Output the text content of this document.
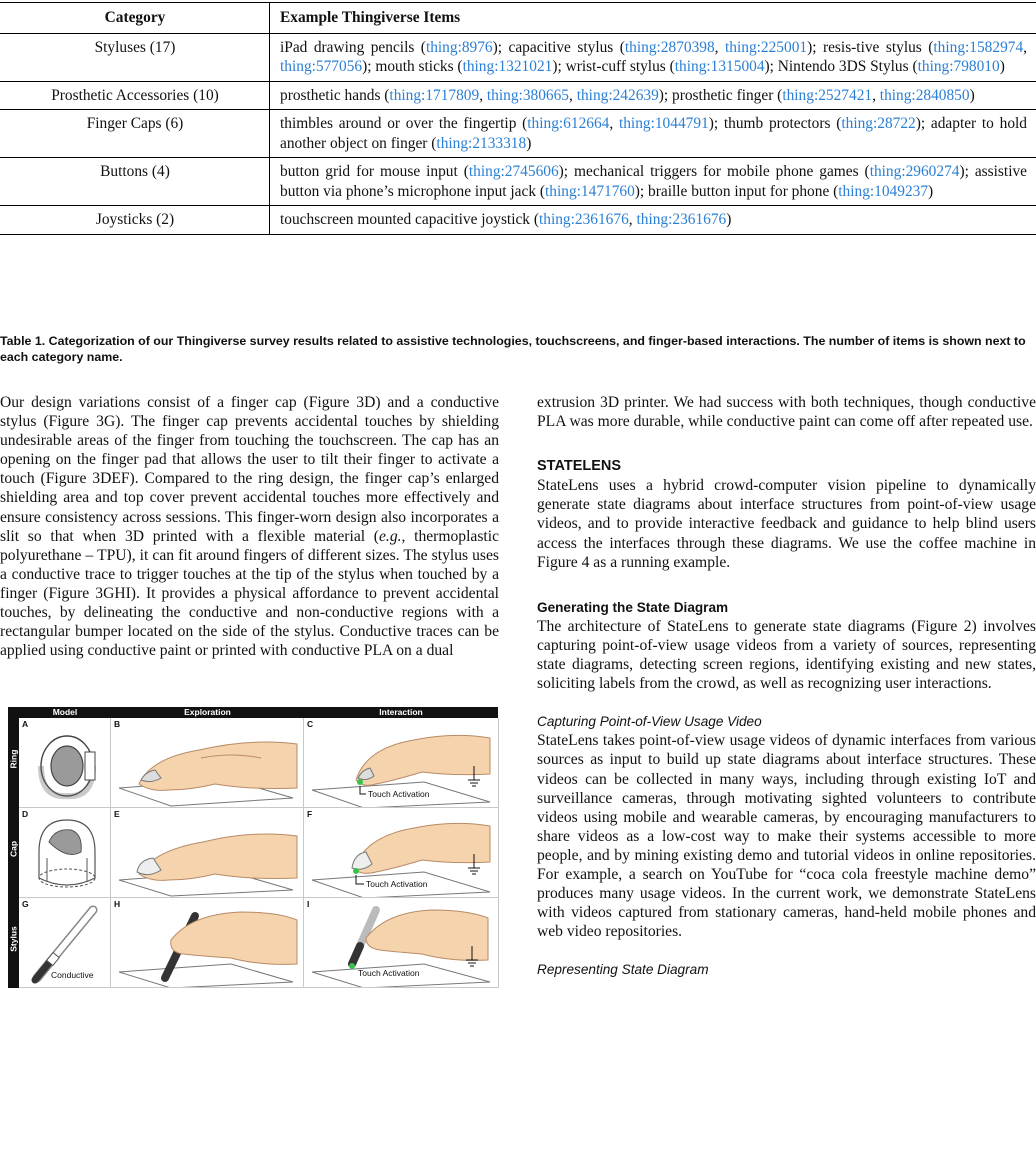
Category	Example Thingiverse Items
Styluses (17)	iPad drawing pencils (thing:8976); capacitive stylus (thing:2870398, thing:225001); resis-tive stylus (thing:1582974, thing:577056); mouth sticks (thing:1321021); wrist-cuff stylus (thing:1315004); Nintendo 3DS Stylus (thing:798010)
Prosthetic Accessories (10)	prosthetic hands (thing:1717809, thing:380665, thing:242639); prosthetic finger (thing:2527421, thing:2840850)
Finger Caps (6)	thimbles around or over the fingertip (thing:612664, thing:1044791); thumb protectors (thing:28722); adapter to hold another object on finger (thing:2133318)
Buttons (4)	button grid for mouse input (thing:2745606); mechanical triggers for mobile phone games (thing:2960274); assistive button via phone’s microphone input jack (thing:1471760); braille button input for phone (thing:1049237)
Joysticks (2)	touchscreen mounted capacitive joystick (thing:2361676, thing:2361676)
Table 1. Categorization of our Thingiverse survey results related to assistive technologies, touchscreens, and finger-based interactions. The number of items is shown next to each category name.

Our design variations consist of a finger cap (Figure 3D) and a conductive stylus (Figure 3G). The finger cap prevents accidental touches by shielding undesirable areas of the finger from touching the touchscreen. The cap has an opening on the finger pad that allows the user to tilt their finger to activate a touch (Figure 3DEF). Compared to the ring design, the finger cap’s enlarged shielding area and top cover prevent accidental touches more effectively and ensure consistency across sessions. This finger-worn design also incorporates a slit so that when 3D printed with a flexible material (e.g., thermoplastic polyurethane – TPU), it can fit around fingers of different sizes. The stylus uses a conductive trace to trigger touches at the tip of the stylus when touched by a finger (Figure 3GHI). It provides a physical affordance to prevent accidental touches, by delineating the conductive and non-conductive regions with a rectangular bumper located on the side of the stylus. Conductive traces can be applied using conductive paint or printed with conductive PLA on a dual

Model	Exploration	Interaction
Ring
Cap
Stylus
A	B	C
Touch Activation
D	E	F
Touch Activation
G
Conductive
H	I
Touch Activation

extrusion 3D printer. We had success with both techniques, though conductive PLA was more durable, while conductive paint can come off after repeated use.

STATELENS

StateLens uses a hybrid crowd-computer vision pipeline to dynamically generate state diagrams about interface structures from point-of-view usage videos, and to provide interactive feedback and guidance to help blind users access the interfaces through these diagrams. We use the coffee machine in Figure 4 as a running example.

Generating the State Diagram

The architecture of StateLens to generate state diagrams (Figure 2) involves capturing point-of-view usage videos from a variety of sources, representing state diagrams, detecting screen regions, identifying existing and new states, soliciting labels from the crowd, as well as recognizing user interactions.

Capturing Point-of-View Usage Video

StateLens takes point-of-view usage videos of dynamic interfaces from various sources as input to build up state diagrams about interface structures. These videos can be collected in many ways, including through existing IoT and surveillance cameras, through motivating sighted volunteers to contribute videos using mobile and wearable cameras, by encouraging manufacturers to share videos as a low-cost way to make their systems accessible to more people, and by mining existing demo and tutorial videos in online repositories. For example, a search on YouTube for “coca cola freestyle machine demo” produces many usage videos. In the current work, we demonstrate StateLens with videos captured from stationary cameras, hand-held mobile phones and web video repositories.

Representing State Diagram
